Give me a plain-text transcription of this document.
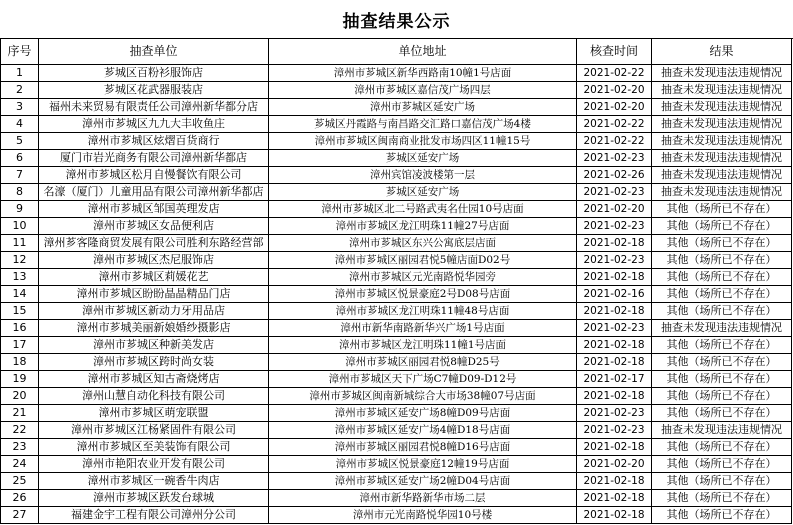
抽查结果公示
序号	抽查单位	单位地址	核查时间	结果
1	芗城区百粉衫服饰店	漳州市芗城区新华西路南10幢1号店面	2021-02-22	抽查未发现违法违规情况
2	芗城区花武器服装店	漳州市芗城区嘉信茂广场四层	2021-02-20	抽查未发现违法违规情况
3	福州未来贸易有限责任公司漳州新华都分店	漳州市芗城区延安广场	2021-02-20	抽查未发现违法违规情况
4	漳州市芗城区九九大丰收鱼庄	芗城区丹霞路与南昌路交汇路口嘉信茂广场4楼	2021-02-22	抽查未发现违法违规情况
5	漳州市芗城区炫熠百货商行	漳州市芗城区闽南商业批发市场四区11幢15号	2021-02-22	抽查未发现违法违规情况
6	厦门市岩光商务有限公司漳州新华都店	芗城区延安广场	2021-02-23	抽查未发现违法违规情况
7	漳州市芗城区松月自慢餐饮有限公司	漳州宾馆凌波楼第一层	2021-02-26	抽查未发现违法违规情况
8	名濠（厦门）儿童用品有限公司漳州新华都店	芗城区延安广场	2021-02-23	抽查未发现违法违规情况
9	漳州市芗城区邹国英理发店	漳州市芗城区北二号路武夷名仕园10号店面	2021-02-20	其他（场所已不存在）
10	漳州市芗城区女品便利店	漳州市芗城区龙江明珠11幢27号店面	2021-02-23	其他（场所已不存在）
11	漳州芗客隆商贸发展有限公司胜利东路经营部	漳州市芗城区东兴公寓底层店面	2021-02-18	其他（场所已不存在）
12	漳州市芗城区杰尼服饰店	漳州市芗城区丽园君悦5幢店面D02号	2021-02-23	其他（场所已不存在）
13	漳州市芗城区莉媛花艺	漳州市芗城区元光南路悦华园旁	2021-02-18	其他（场所已不存在）
14	漳州市芗城区盼盼晶晶精品门店	漳州市芗城区悦景豪庭2号D08号店面	2021-02-16	其他（场所已不存在）
15	漳州市芗城区新动力牙用品店	漳州市芗城区龙江明珠11幢48号店面	2021-02-18	其他（场所已不存在）
16	漳州市芗城美丽新娘婚纱摄影店	漳州市新华南路新华兴广场1号店面	2021-02-23	抽查未发现违法违规情况
17	漳州市芗城区种新美发店	漳州市芗城区龙江明珠11幢1号店面	2021-02-18	其他（场所已不存在）
18	漳州市芗城区跨时尚女装	漳州市芗城区丽园君悦8幢D25号	2021-02-18	其他（场所已不存在）
19	漳州市芗城区知古斋烧烤店	漳州市芗城区天下广场C7幢D09-D12号	2021-02-17	其他（场所已不存在）
20	漳州山慧自动化科技有限公司	漳州市芗城区闽南新城综合大市场38幢07号店面	2021-02-18	其他（场所已不存在）
21	漳州市芗城区萌宠联盟	漳州市芗城区延安广场8幢D09号店面	2021-02-23	其他（场所已不存在）
22	漳州市芗城区江杨紧固件有限公司	漳州市芗城区延安广场4幢D18号店面	2021-02-23	抽查未发现违法违规情况
23	漳州市芗城区至美装饰有限公司	漳州市芗城区丽园君悦8幢D16号店面	2021-02-18	其他（场所已不存在）
24	漳州市艳阳农业开发有限公司	漳州市芗城区悦景豪庭12幢19号店面	2021-02-20	其他（场所已不存在）
25	漳州市芗城区一碗香牛肉店	漳州市芗城区延安广场2幢D04号店面	2021-02-18	其他（场所已不存在）
26	漳州市芗城区跃发台球城	漳州市新华路新华市场二层	2021-02-18	其他（场所已不存在）
27	福建金宇工程有限公司漳州分公司	漳州市元光南路悦华园10号楼	2021-02-18	其他（场所已不存在）
